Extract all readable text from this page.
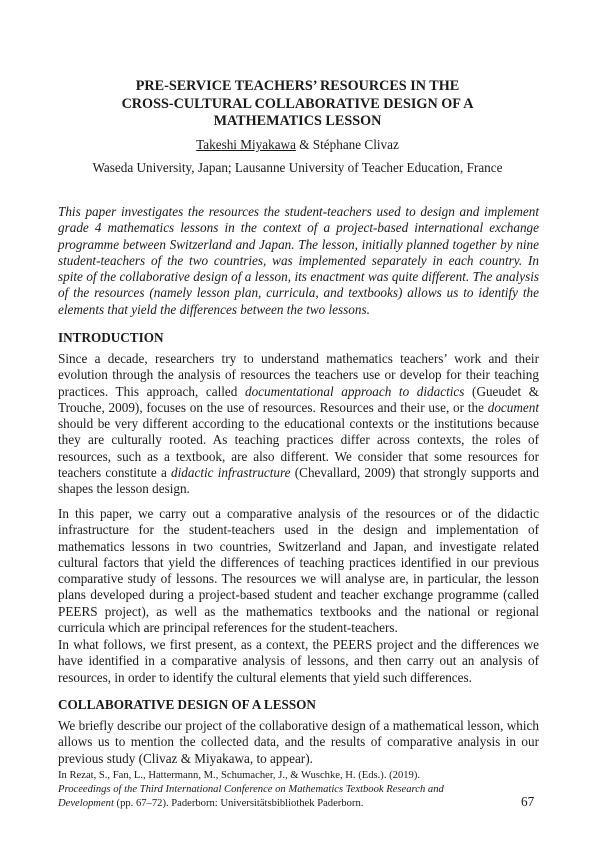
PRE-SERVICE TEACHERS’ RESOURCES IN THE
CROSS-CULTURAL COLLABORATIVE DESIGN OF A
MATHEMATICS LESSON
Takeshi Miyakawa & Stéphane Clivaz
Waseda University, Japan; Lausanne University of Teacher Education, France

This paper investigates the resources the student-teachers used to design and implement grade 4 mathematics lessons in the context of a project-based international exchange programme between Switzerland and Japan. The lesson, initially planned together by nine student-teachers of the two countries, was implemented separately in each country. In spite of the collaborative design of a lesson, its enactment was quite different. The analysis of the resources (namely lesson plan, curricula, and textbooks) allows us to identify the elements that yield the differences between the two lessons.

INTRODUCTION

Since a decade, researchers try to understand mathematics teachers’ work and their evolution through the analysis of resources the teachers use or develop for their teaching practices. This approach, called documentational approach to didactics (Gueudet & Trouche, 2009), focuses on the use of resources. Resources and their use, or the document should be very different according to the educational contexts or the institutions because they are culturally rooted. As teaching practices differ across contexts, the roles of resources, such as a textbook, are also different. We consider that some resources for teachers constitute a didactic infrastructure (Chevallard, 2009) that strongly supports and shapes the lesson design.

In this paper, we carry out a comparative analysis of the resources or of the didactic infrastructure for the student-teachers used in the design and implementation of mathematics lessons in two countries, Switzerland and Japan, and investigate related cultural factors that yield the differences of teaching practices identified in our previous comparative study of lessons. The resources we will analyse are, in particular, the lesson plans developed during a project-based student and teacher exchange programme (called PEERS project), as well as the mathematics textbooks and the national or regional curricula which are principal references for the student-teachers.

In what follows, we first present, as a context, the PEERS project and the differences we have identified in a comparative analysis of lessons, and then carry out an analysis of resources, in order to identify the cultural elements that yield such differences.

COLLABORATIVE DESIGN OF A LESSON

We briefly describe our project of the collaborative design of a mathematical lesson, which allows us to mention the collected data, and the results of comparative analysis in our previous study (Clivaz & Miyakawa, to appear).

In Rezat, S., Fan, L., Hattermann, M., Schumacher, J., & Wuschke, H. (Eds.). (2019).
Proceedings of the Third International Conference on Mathematics Textbook Research and Development (pp. 67–72). Paderborn: Universitätsbibliothek Paderborn.	67
